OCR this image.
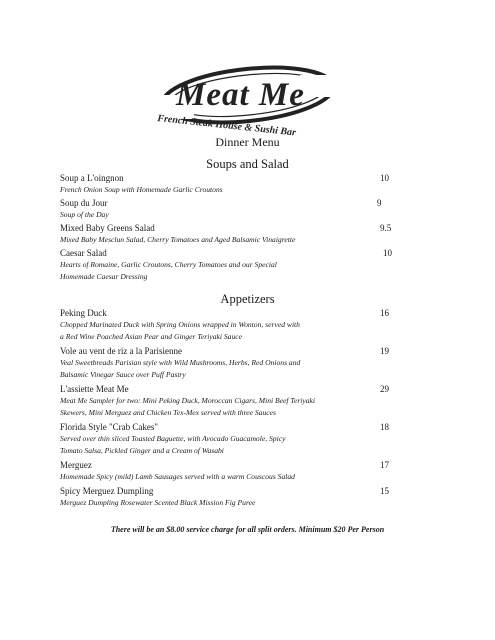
Meat Me
French Steak House & Sushi Bar
Dinner Menu
Soups and Salad
Soup a L'oingnon
French Onion Soup with Homemade Garlic Croutons
10
Soup du Jour
Soup of the Day
9
Mixed Baby Greens Salad
Mixed Baby Mesclun Salad, Cherry Tomatoes and Aged Balsamic Vinaigrette
9.5
Caesar Salad
Hearts of Romaine, Garlic Croutons, Cherry Tomatoes and our Special
Homemade Caesar Dressing
10
Appetizers
Peking Duck
Chopped Marinated Duck with Spring Onions wrapped in Wonton, served with
a Red Wine Poached Asian Pear and Ginger Teriyaki Sauce
16
Vole au vent de riz a la Parisienne
Veal Sweetbreads Parisian style with Wild Mushrooms, Herbs, Red Onions and
Balsamic Vinegar Sauce over Puff Pastry
19
L'assiette Meat Me
Meat Me Sampler for two: Mini Peking Duck, Moroccan Cigars, Mini Beef Teriyaki
Skewers, Mini Merguez and Chicken Tex-Mex served with three Sauces
29
Florida Style "Crab Cakes"
Served over thin sliced Toasted Baguette, with Avocado Guacamole, Spicy
Tomato Salsa, Pickled Ginger and a Cream of Wasabi
18
Merguez
Homemade Spicy (mild) Lamb Sausages served with a warm Couscous Salad
17
Spicy Merguez Dumpling
Merguez Dumpling Rosewater Scented Black Mission Fig Puree
15
There will be an $8.00 service charge for all split orders. Minimum $20 Per Person
